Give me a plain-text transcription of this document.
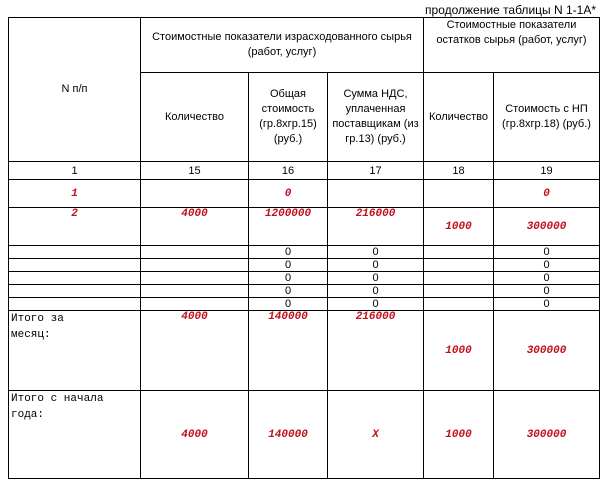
продолжение таблицы N 1-1А*
N п/п	Стоимостные показатели израсходованного сырья (работ, услуг)			Стоимостные показатели остатков сырья (работ, услуг)	
	Количество	Общая стоимость (гр.8хгр.15) (руб.)	Сумма НДС, уплаченная поставщикам (из гр.13) (руб.)	Количество	Стоимость с НП (гр.8хгр.18) (руб.)
1	15	16	17	18	19
1		0			0
2	4000	1200000	216000	1000	300000
		0	0		0
		0	0		0
		0	0		0
		0	0		0
		0	0		0
Итого за
месяц:	4000	140000	216000	1000	300000
Итого с начала
года:	4000	140000	X	1000	300000
